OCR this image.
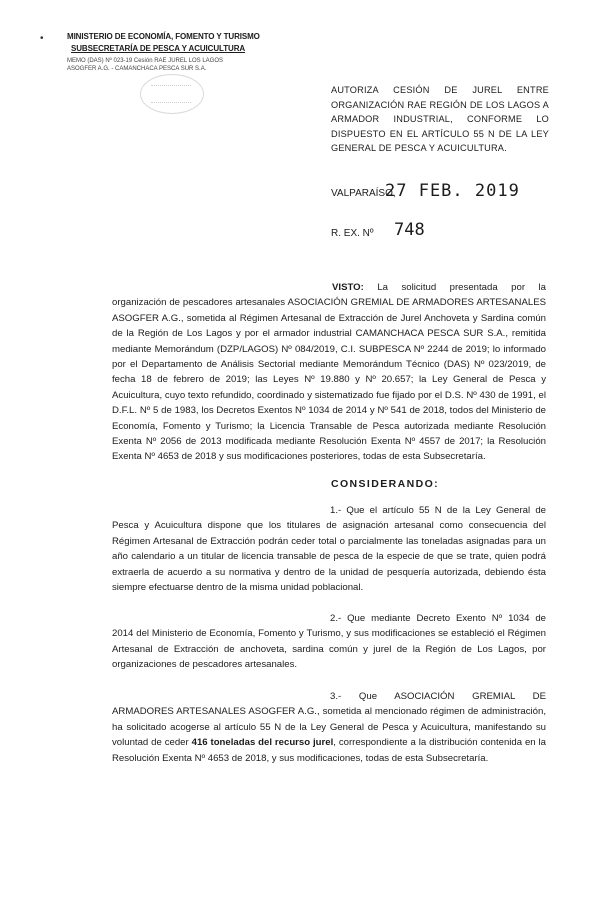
•	MINISTERIO DE ECONOMÍA, FOMENTO Y TURISMO
SUBSECRETARÍA DE PESCA Y ACUICULTURA
MEMO (DAS) Nº 023-19 Cesión RAE JUREL LOS LAGOS
ASOGFER A.G. - CAMANCHACA PESCA SUR S.A.
AUTORIZA CESIÓN DE JUREL ENTRE ORGANIZACIÓN RAE REGIÓN DE LOS LAGOS A ARMADOR INDUSTRIAL, CONFORME LO DISPUESTO EN EL ARTÍCULO 55 N DE LA LEY GENERAL DE PESCA Y ACUICULTURA.
VALPARAÍSO,
27 FEB. 2019
R. EX. Nº 748
VISTO: La solicitud presentada por la organización de pescadores artesanales ASOCIACIÓN GREMIAL DE ARMADORES ARTESANALES ASOGFER A.G., sometida al Régimen Artesanal de Extracción de Jurel Anchoveta y Sardina común de la Región de Los Lagos y por el armador industrial CAMANCHACA PESCA SUR S.A., remitida mediante Memorándum (DZP/LAGOS) Nº 084/2019, C.I. SUBPESCA Nº 2244 de 2019; lo informado por el Departamento de Análisis Sectorial mediante Memorándum Técnico (DAS) Nº 023/2019, de fecha 18 de febrero de 2019; las Leyes Nº 19.880 y Nº 20.657; la Ley General de Pesca y Acuicultura, cuyo texto refundido, coordinado y sistematizado fue fijado por el D.S. Nº 430 de 1991, el D.F.L. Nº 5 de 1983, los Decretos Exentos Nº 1034 de 2014 y Nº 541 de 2018, todos del Ministerio de Economía, Fomento y Turismo; la Licencia Transable de Pesca autorizada mediante Resolución Exenta Nº 2056 de 2013 modificada mediante Resolución Exenta Nº 4557 de 2017; la Resolución Exenta Nº 4653 de 2018 y sus modificaciones posteriores, todas de esta Subsecretaría.
CONSIDERANDO:
1.- Que el artículo 55 N de la Ley General de Pesca y Acuicultura dispone que los titulares de asignación artesanal como consecuencia del Régimen Artesanal de Extracción podrán ceder total o parcialmente las toneladas asignadas para un año calendario a un titular de licencia transable de pesca de la especie de que se trate, quien podrá extraerla de acuerdo a su normativa y dentro de la unidad de pesquería autorizada, debiendo ésta siempre efectuarse dentro de la misma unidad poblacional.
2.- Que mediante Decreto Exento Nº 1034 de 2014 del Ministerio de Economía, Fomento y Turismo, y sus modificaciones se estableció el Régimen Artesanal de Extracción de anchoveta, sardina común y jurel de la Región de Los Lagos, por organizaciones de pescadores artesanales.
3.- Que ASOCIACIÓN GREMIAL DE ARMADORES ARTESANALES ASOGFER A.G., sometida al mencionado régimen de administración, ha solicitado acogerse al artículo 55 N de la Ley General de Pesca y Acuicultura, manifestando su voluntad de ceder 416 toneladas del recurso jurel, correspondiente a la distribución contenida en la Resolución Exenta Nº 4653 de 2018, y sus modificaciones, todas de esta Subsecretaría.
